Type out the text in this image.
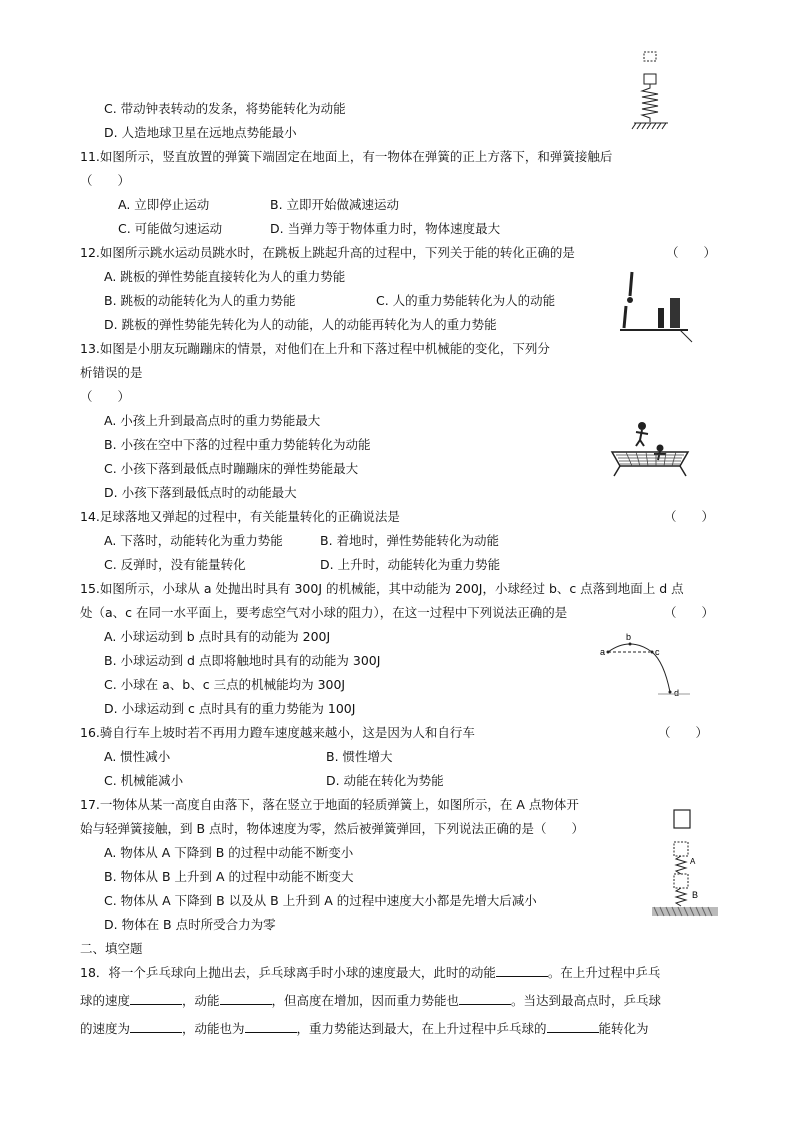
C. 带动钟表转动的发条，将势能转化为动能
D. 人造地球卫星在远地点势能最小
11.如图所示，竖直放置的弹簧下端固定在地面上，有一物体在弹簧的正上方落下，和弹簧接触后
（　　）
A. 立即停止运动	B. 立即开始做减速运动
C. 可能做匀速运动	D. 当弹力等于物体重力时，物体速度最大
12.如图所示跳水运动员跳水时，在跳板上跳起升高的过程中，下列关于能的转化正确的是	（　　）
A. 跳板的弹性势能直接转化为人的重力势能
B. 跳板的动能转化为人的重力势能	C. 人的重力势能转化为人的动能
D. 跳板的弹性势能先转化为人的动能，人的动能再转化为人的重力势能
13.如图是小朋友玩蹦蹦床的情景，对他们在上升和下落过程中机械能的变化，下列分
析错误的是
（　　）
A. 小孩上升到最高点时的重力势能最大
B. 小孩在空中下落的过程中重力势能转化为动能
C. 小孩下落到最低点时蹦蹦床的弹性势能最大
D. 小孩下落到最低点时的动能最大
14.足球落地又弹起的过程中，有关能量转化的正确说法是	（　　）
A. 下落时，动能转化为重力势能	B. 着地时，弹性势能转化为动能
C. 反弹时，没有能量转化	D. 上升时，动能转化为重力势能
15.如图所示，小球从 a 处抛出时具有 300J 的机械能，其中动能为 200J，小球经过 b、c 点落到地面上 d 点
处（a、c 在同一水平面上，要考虑空气对小球的阻力），在这一过程中下列说法正确的是	（　　）
A. 小球运动到 b 点时具有的动能为 200J
B. 小球运动到 d 点即将触地时具有的动能为 300J
C. 小球在 a、b、c 三点的机械能均为 300J
D. 小球运动到 c 点时具有的重力势能为 100J
a
b
c
d
16.骑自行车上坡时若不再用力蹬车速度越来越小，这是因为人和自行车	（　　）
A. 惯性减小	B. 惯性增大
C. 机械能减小	D. 动能在转化为势能
17.一物体从某一高度自由落下，落在竖立于地面的轻质弹簧上，如图所示，在 A 点物体开
始与轻弹簧接触，到 B 点时，物体速度为零，然后被弹簧弹回，下列说法正确的是（　　）
A. 物体从 A 下降到 B 的过程中动能不断变小
B. 物体从 B 上升到 A 的过程中动能不断变大
C. 物体从 A 下降到 B 以及从 B 上升到 A 的过程中速度大小都是先增大后减小
D. 物体在 B 点时所受合力为零
A
B
二、填空题
18．将一个乒乓球向上抛出去，乒乓球离手时小球的速度最大，此时的动能	。在上升过程中乒乓
球的速度	，动能	，但高度在增加，因而重力势能也	。当达到最高点时，乒乓球
的速度为	，动能也为	，重力势能达到最大，在上升过程中乒乓球的	能转化为
